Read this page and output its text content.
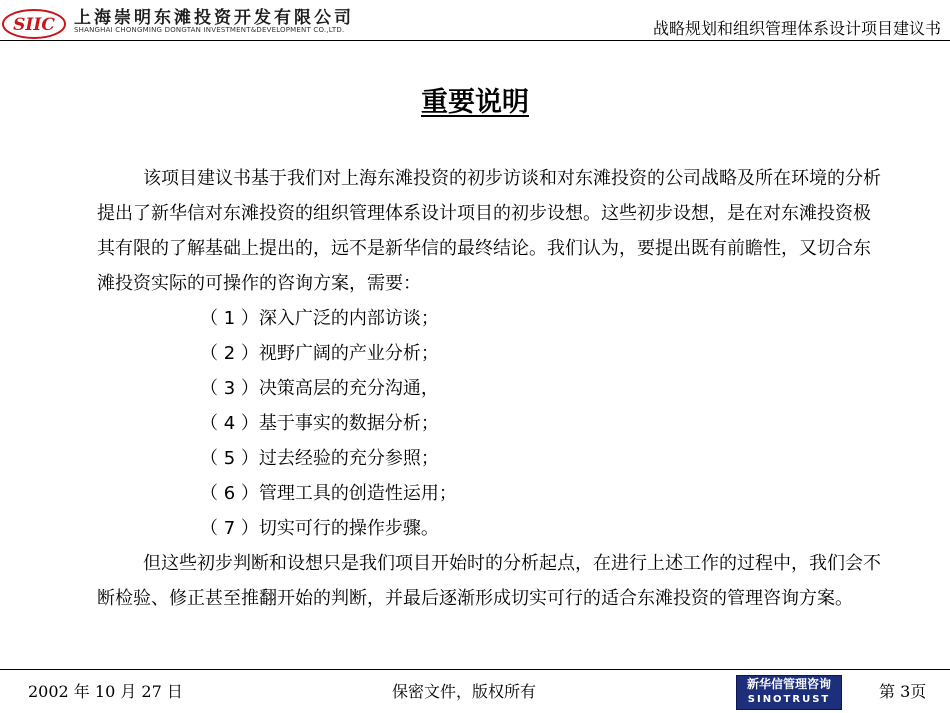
SIIC 上海崇明东滩投资开发有限公司
SHANGHAI CHONGMING DONGTAN INVESTMENT&DEVELOPMENT CO.,LTD.	战略规划和组织管理体系设计项目建议书
重要说明

该项目建议书基于我们对上海东滩投资的初步访谈和对东滩投资的公司战略及所在环境的分析提出了新华信对东滩投资的组织管理体系设计项目的初步设想。这些初步设想，是在对东滩投资极其有限的了解基础上提出的，远不是新华信的最终结论。我们认为，要提出既有前瞻性，又切合东滩投资实际的可操作的咨询方案，需要：

（ 1 ）深入广泛的内部访谈；
（ 2 ）视野广阔的产业分析；
（ 3 ）决策高层的充分沟通，
（ 4 ）基于事实的数据分析；
（ 5 ）过去经验的充分参照；
（ 6 ）管理工具的创造性运用；
（ 7 ）切实可行的操作步骤。

但这些初步判断和设想只是我们项目开始时的分析起点，在进行上述工作的过程中，我们会不断检验、修正甚至推翻开始的判断，并最后逐渐形成切实可行的适合东滩投资的管理咨询方案。

2002 年 10 月 27 日	保密文件，版权所有	新华信管理咨询
SINOTRUST	第 3页
